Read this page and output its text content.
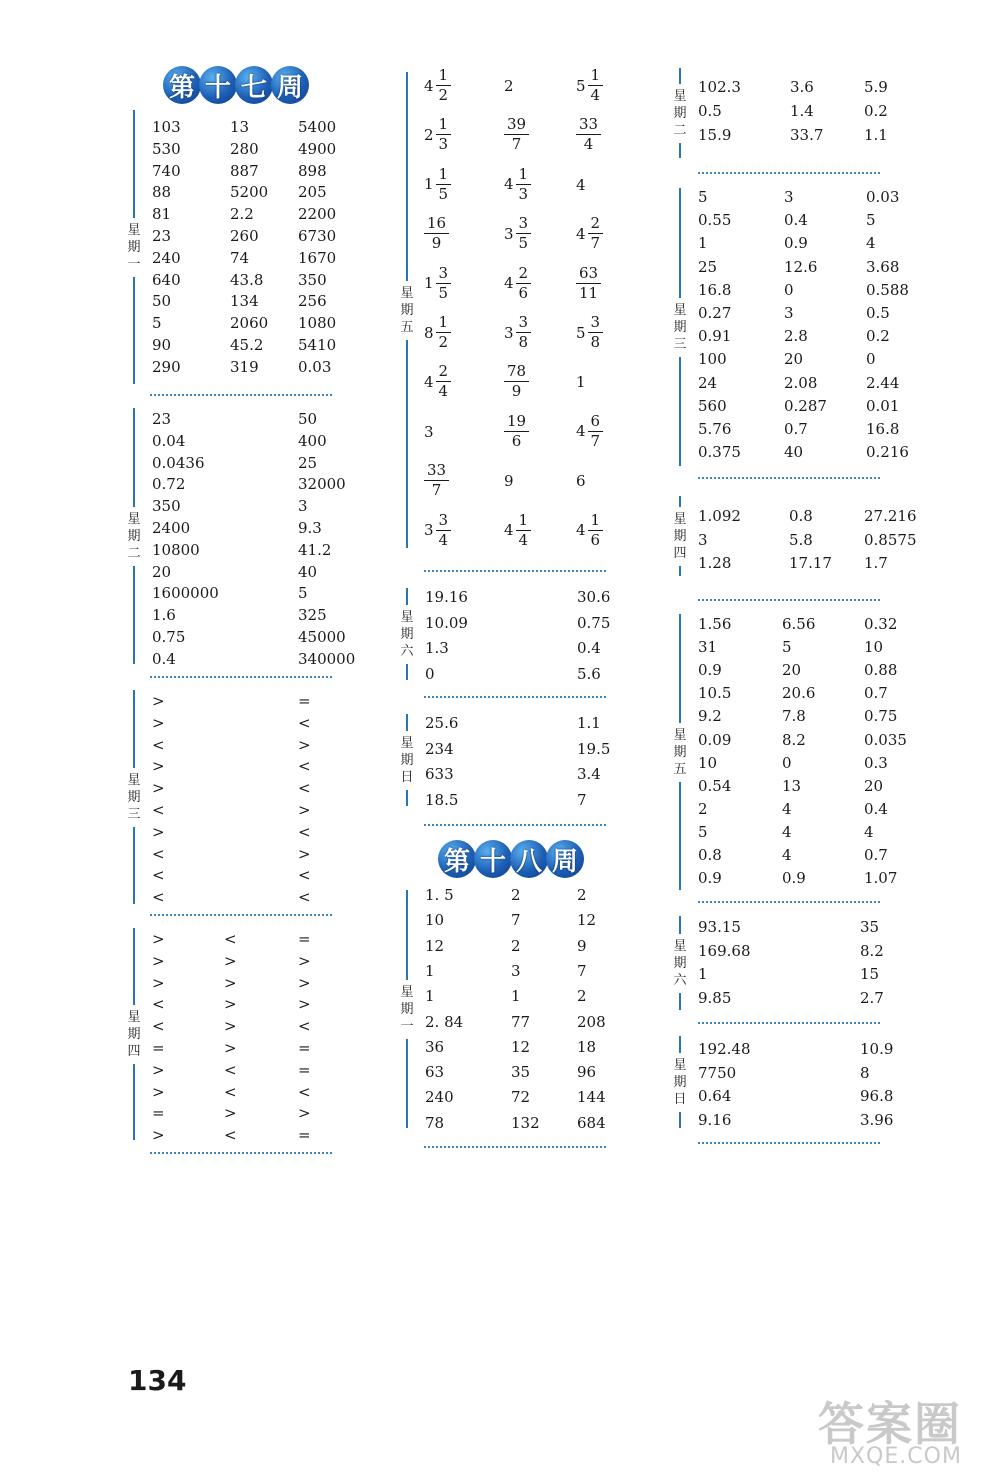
第 十 七 周
星期一
103	13	5400
530	280	4900
740	887	898
88	5200 205
81	2.2	2200
23	260	6730
240	74	1670
640	43.8 350
50	134	256
5	2060 1080
90	45.2 5410
290	319	0.03
星期二
23	50
0.04	400
0.0436	25
0.72	32000
350	3
2400	9.3
10800	41.2
20	40
1600000	5
1.6	325
0.75	45000
0.4	340000
星期三
>	=
>	<
<	>
>	<
>	<
<	>
>	<
<	>
<	<
<	<
星期四
>	<	=
>	>	>
>	>	>
<	>	>
<	>	<
=	>	=
>	<	=
>	<	<
=	>	>
>	<	=
星期五
$4 \frac{1}{2}$	2	$5 \frac{1}{4}$
$2 \frac{1}{3}$	$\frac{39}{7}$	$\frac{33}{4}$
$1 \frac{1}{5}$	$4 \frac{1}{3}$	4
$\frac{16}{9}$	$3 \frac{3}{5}$	$4 \frac{2}{7}$
$1 \frac{3}{5}$	$4 \frac{2}{6}$	$\frac{63}{11}$
$8 \frac{1}{2}$	$3 \frac{3}{8}$	$5 \frac{3}{8}$
$4 \frac{2}{4}$	$\frac{78}{9}$	1
3	$\frac{19}{6}$	$4 \frac{6}{7}$
$\frac{33}{7}$	9	6
$3 \frac{3}{4}$	$4 \frac{1}{4}$	$4 \frac{1}{6}$
星期六
19.16	30.6
10.09	0.75
1.3	0.4
0	5.6
星期日
25.6	1.1
234	19.5
633	3.4
18.5	7
第 十 八 周
星期一
1. 5	2	2
10	7	12
12	2	9
1	3	7
1	1	2
2. 84	77	208
36	12	18
63	35	96
240	72	144
78	132 684
星期二
102.3	3.6	5.9
0.5	1.4	0.2
15.9	33.7	1.1
星期三
5	3	0.03
0.55	0.4	5
1	0.9	4
25	12.6	3.68
16.8	0	0.588
0.27	3	0.5
0.91	2.8	0.2
100	20	0
24	2.08	2.44
560	0.287	0.01
5.76	0.7	16.8
0.375	40	0.216
星期四
1.092	0.8	27.216
3	5.8	0.8575
1.28	17.17 1.7
星期五
1.56	6.56	0.32
31	5	10
0.9	20	0.88
10.5	20.6	0.7
9.2	7.8	0.75
0.09	8.2	0.035
10	0	0.3
0.54	13	20
2	4	0.4
5	4	4
0.8	4	0.7
0.9	0.9	1.07
星期六
93.15	35
169.68	8.2
1	15
9.85	2.7
星期日
192.48	10.9
7750	8
0.64	96.8
9.16	3.96
134
答案圈
MXQE.COM
